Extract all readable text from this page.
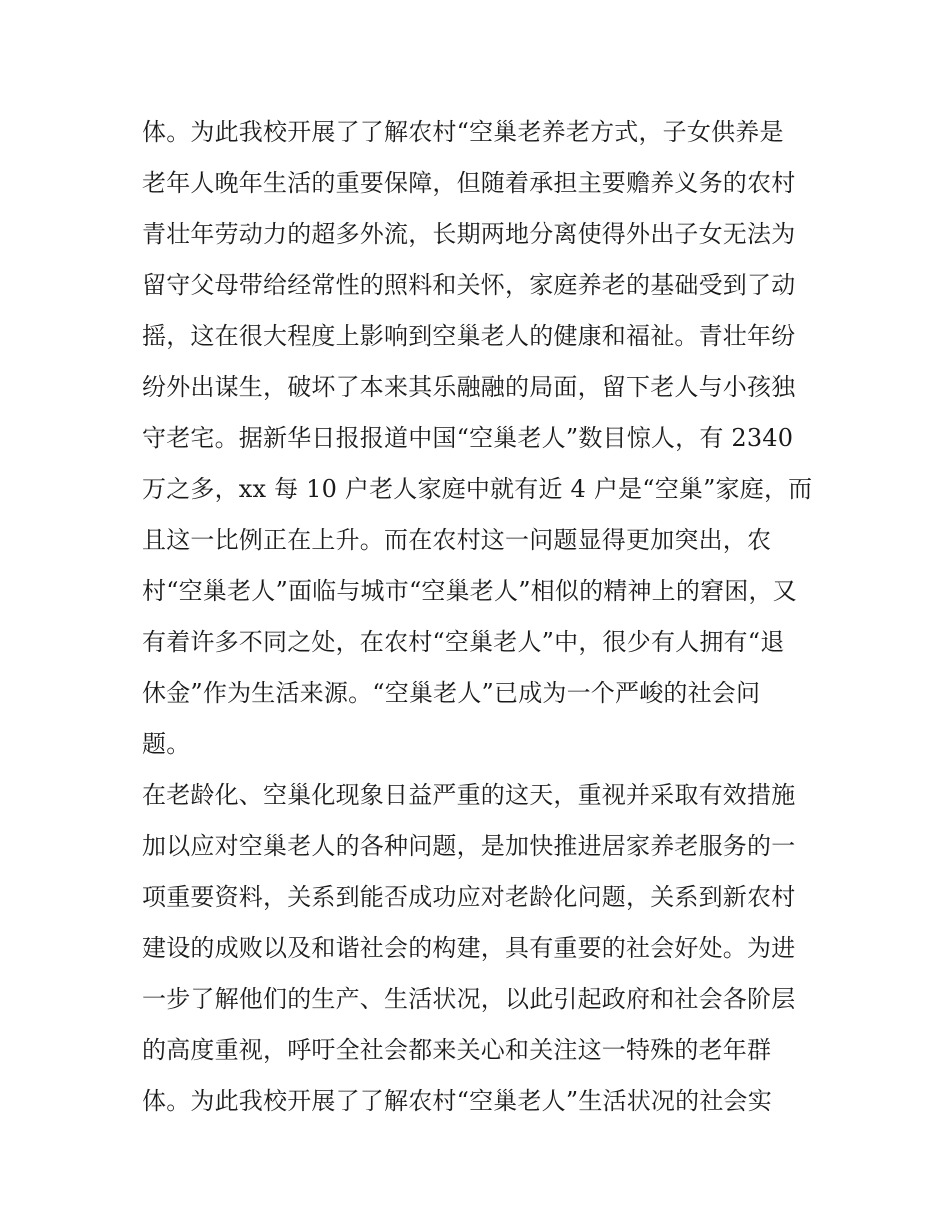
体。为此我校开展了了解农村“空巢老养老方式，子女供养是
老年人晚年生活的重要保障，但随着承担主要赡养义务的农村
青壮年劳动力的超多外流，长期两地分离使得外出子女无法为
留守父母带给经常性的照料和关怀，家庭养老的基础受到了动
摇，这在很大程度上影响到空巢老人的健康和福祉。青壮年纷
纷外出谋生，破坏了本来其乐融融的局面，留下老人与小孩独
守老宅。据新华日报报道中国“空巢老人”数目惊人，有 2340
万之多，xx 每 10 户老人家庭中就有近 4 户是“空巢”家庭，而
且这一比例正在上升。而在农村这一问题显得更加突出，农
村“空巢老人”面临与城市“空巢老人”相似的精神上的窘困，又
有着许多不同之处，在农村“空巢老人”中，很少有人拥有“退
休金”作为生活来源。“空巢老人”已成为一个严峻的社会问
题。
在老龄化、空巢化现象日益严重的这天，重视并采取有效措施
加以应对空巢老人的各种问题，是加快推进居家养老服务的一
项重要资料，关系到能否成功应对老龄化问题，关系到新农村
建设的成败以及和谐社会的构建，具有重要的社会好处。为进
一步了解他们的生产、生活状况，以此引起政府和社会各阶层
的高度重视，呼吁全社会都来关心和关注这一特殊的老年群
体。为此我校开展了了解农村“空巢老人”生活状况的社会实
